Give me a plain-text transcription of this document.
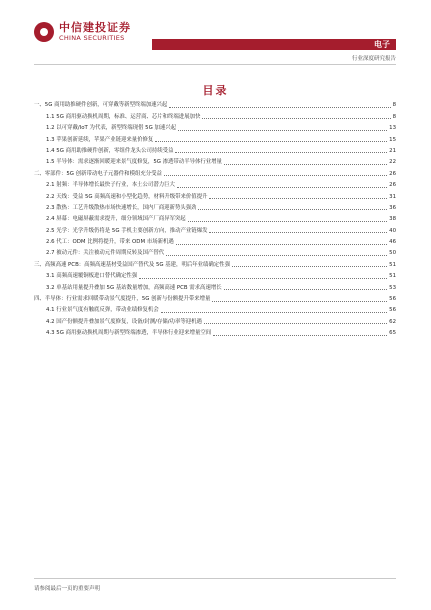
中信建投证券
CHINA SECURITIES
电子
行业深度研究报告
目录
一、5G 商用助推硬件创新，可穿戴等新型终端加速兴起	8
1.1 5G 商用驱动换机周期，标准、运营商、芯片和终端进展加快	8
1.2 以可穿戴/IoT 为代表，新型终端现借 5G 加速兴起	13
1.3 苹果创新延续，苹果产业链迎来量价修复	15
1.4 5G 商用助推硬件创新，零组件龙头公司持续受益	21
1.5 半导体：需求逐渐回暖迎来景气度修复，5G 渗透带动半导体行业增量	22
二、零部件：5G 创新带动电子元器件和模组充分受益	26
2.1 射频：半导体增长最快子行业，本土公司潜力巨大	26
2.2 天线：受益 5G 高频高速和小型化趋势，材料升级带来价值提升	31
2.3 散热：工艺升级散热市场快速增长，国内厂商迎新势头强劲	36
2.4 屏幕：电磁屏蔽需求提升，细分领域国产厂商异军突起	38
2.5 光学：光学升级仍将是 5G 手机主要创新方向，推动产业链爆发	40
2.6 代工：ODM 比例将提升，带来 ODM 市场新机遇	46
2.7 被动元件：关注被动元件周期反转及国产替代	50
三、高频高速 PCB：高频高速基材受益国产替代及 5G 基建，明后年业绩确定性强	51
3.1 高频高速覆铜板进口替代确定性强	51
3.2 单基站用量提升叠加 5G 基站数量增加，高频高速 PCB 需求高速增长	53
四、半导体：行业需求回暖带动景气度提升，5G 创新与份额提升带来增量	56
4.1 行业景气度有触底反弹，带动业绩修复机会	56
4.2 国产份额提升叠加景气度修复，设备/封测/存储/功率等迎机遇	62
4.3 5G 商用驱动换机周期与新型终端渗透，半导体行业迎来增量空间	65
请参阅最后一页的重要声明
